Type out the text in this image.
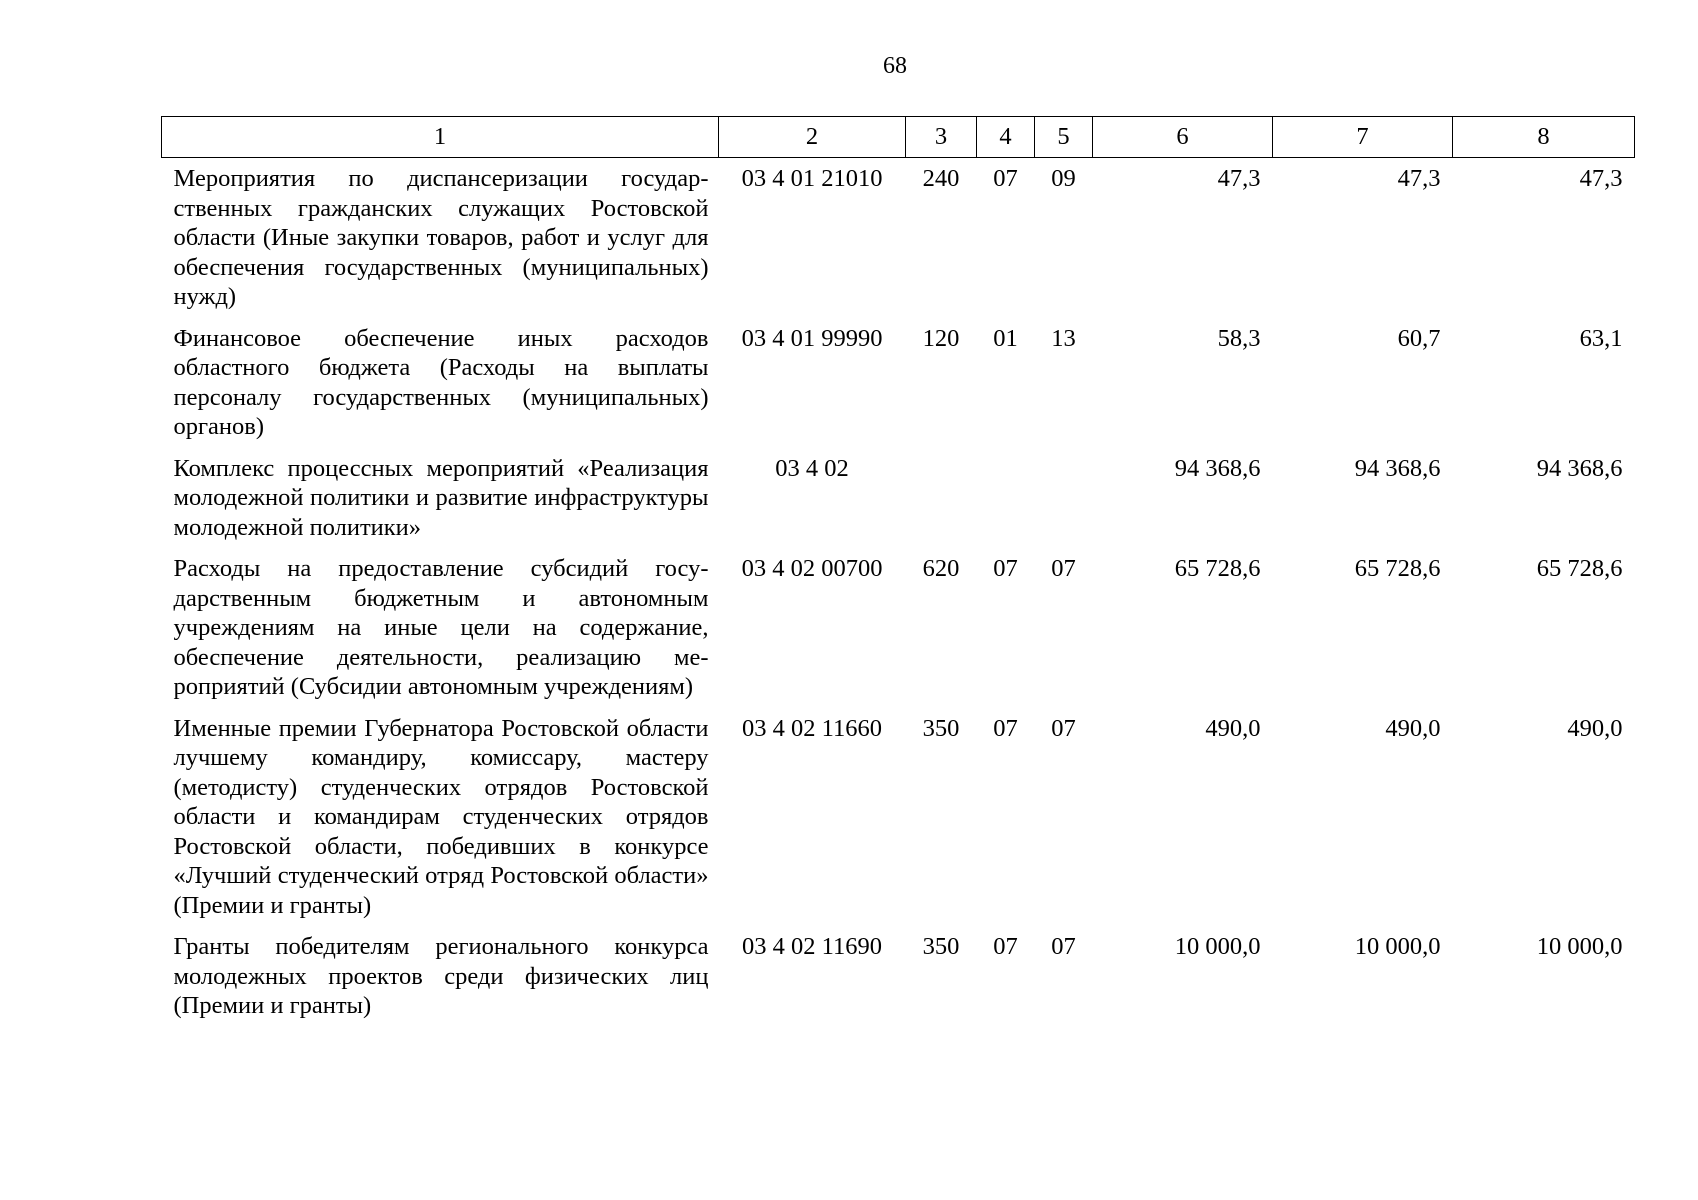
68
1	2	3	4	5	6	7	8
Мероприятия по диспансеризации государственных гражданских служащих Ростовской области (Иные закупки товаров, работ и услуг для обеспечения государственных (муниципальных) нужд)	03 4 01 21010	240	07	09	47,3	47,3	47,3
Финансовое обеспечение иных расходов областного бюджета (Расходы на выплаты персоналу государственных (муниципальных) органов)	03 4 01 99990	120	01	13	58,3	60,7	63,1
Комплекс процессных мероприятий «Реализация молодежной политики и развитие инфраструктуры молодежной политики»	03 4 02				94 368,6	94 368,6	94 368,6
Расходы на предоставление субсидий государственным бюджетным и автономным учреждениям на иные цели на содержание, обеспечение деятельности, реализацию мероприятий (Субсидии автономным учреждениям)	03 4 02 00700	620	07	07	65 728,6	65 728,6	65 728,6
Именные премии Губернатора Ростовской области лучшему командиру, комиссару, мастеру (методисту) студенческих отрядов Ростовской области и командирам студенческих отрядов Ростовской области, победивших в конкурсе «Лучший студенческий отряд Ростовской области» (Премии и гранты)	03 4 02 11660	350	07	07	490,0	490,0	490,0
Гранты победителям регионального конкурса молодежных проектов среди физических лиц (Премии и гранты)	03 4 02 11690	350	07	07	10 000,0	10 000,0	10 000,0
